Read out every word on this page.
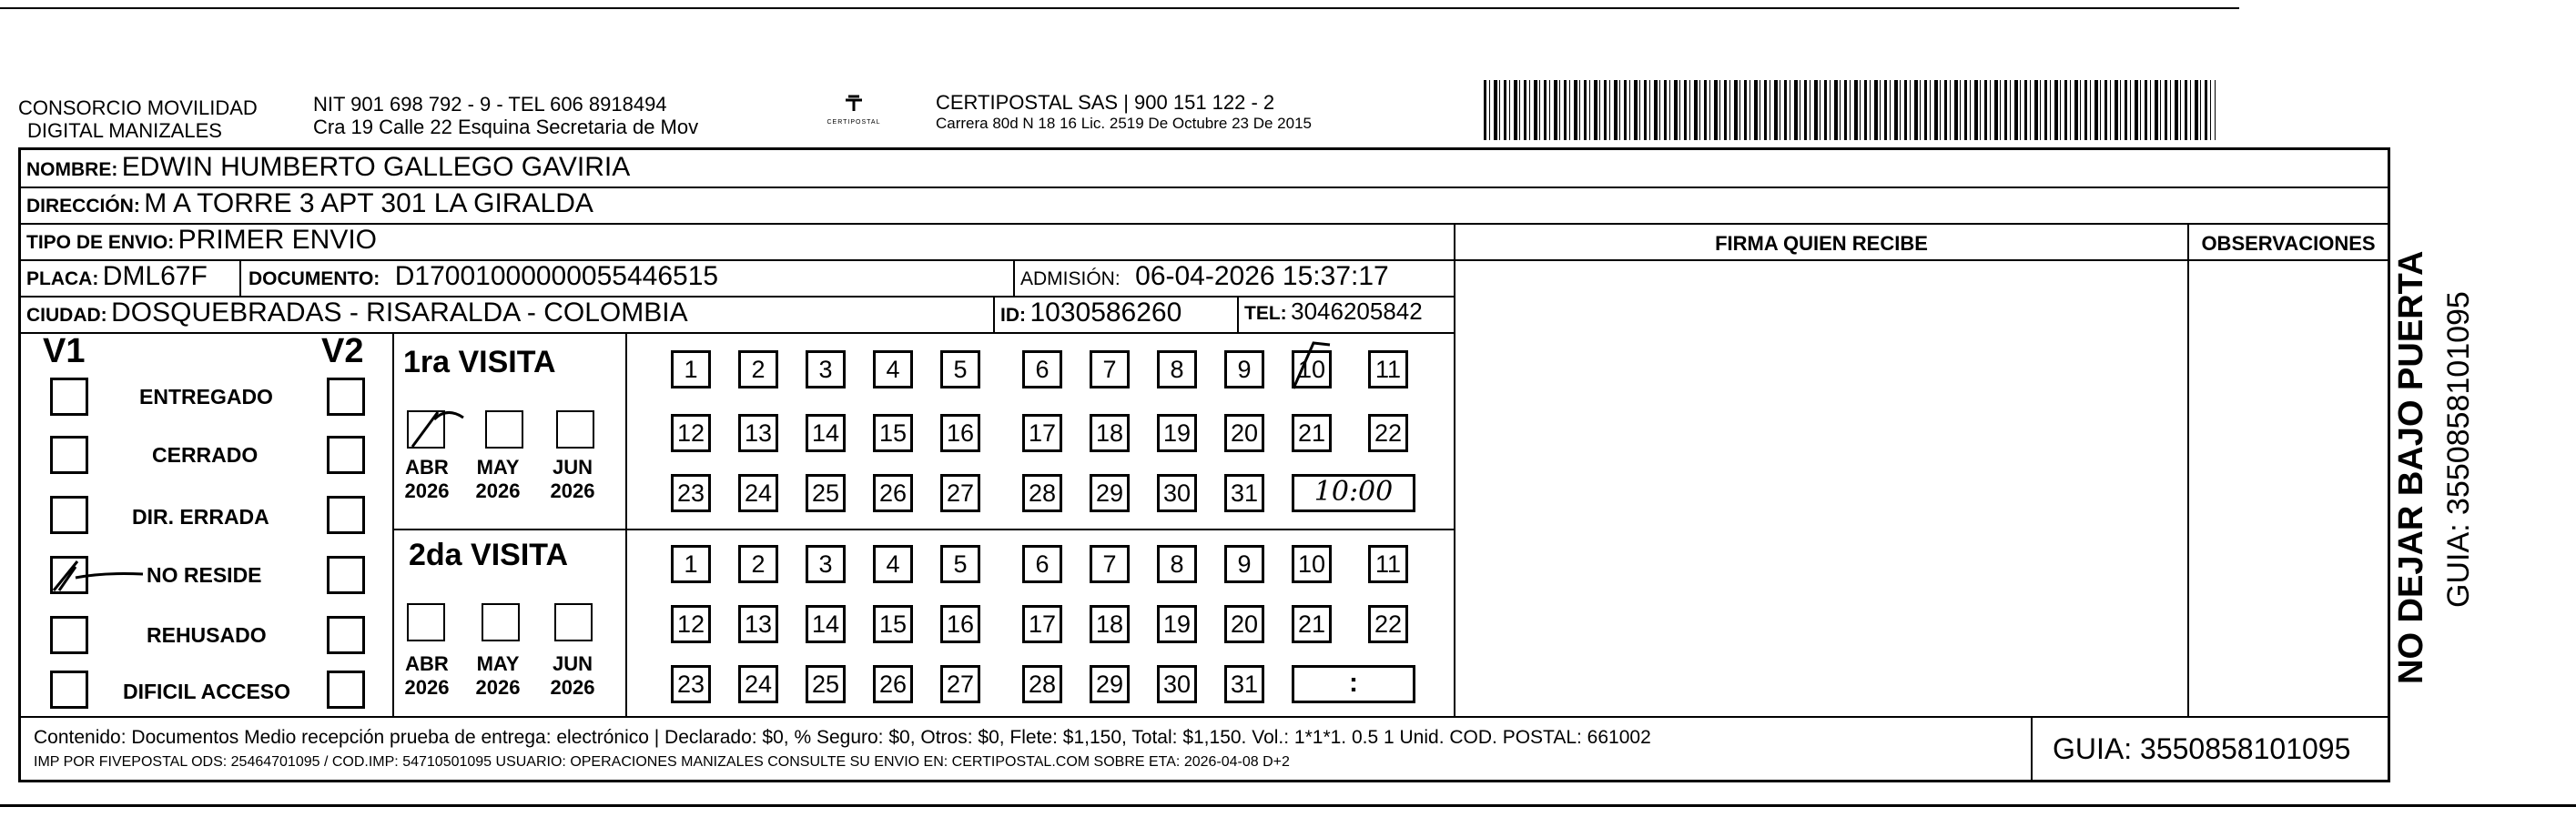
CONSORCIO MOVILIDAD
DIGITAL MANIZALES
NIT 901 698 792 - 9 - TEL 606 8918494
Cra 19 Calle 22 Esquina Secretaria de Mov	CERTIPOSTAL
CERTIPOSTAL SAS | 900 151 122 - 2
Carrera 80d N 18 16 Lic. 2519 De Octubre 23 De 2015
NOMBRE: EDWIN HUMBERTO GALLEGO GAVIRIA
DIRECCIÓN: M A TORRE 3 APT 301 LA GIRALDA
TIPO DE ENVIO: PRIMER ENVIO	FIRMA QUIEN RECIBE	OBSERVACIONES
PLACA: DML67F DOCUMENTO: D17001000000055446515	ADMISIÓN: 06-04-2026 15:37:17
CIUDAD: DOSQUEBRADAS - RISARALDA - COLOMBIA	ID: 1030586260	TEL: 3046205842
V1	V2
ENTREGADO
CERRADO
DIR. ERRADA
NO RESIDE
REHUSADO
DIFICIL ACCESO
1ra VISITA
ABR
2026
MAY
2026
JUN
2026
2da VISITA
ABR
2026
MAY
2026
JUN
2026
1	2	3	4	5	6	7	8	9	10 11
12 13 14 15 16 17 18 19 20 21 22
23 24 25 26 27 28 29 30 31	10:00
1	2	3	4	5	6	7	8	9	10 11
12 13 14 15 16 17 18 19 20 21 22
23 24 25 26 27 28 29 30 31	:
Contenido: Documentos Medio recepción prueba de entrega: electrónico | Declarado: $0, % Seguro: $0, Otros: $0, Flete: $1,150, Total: $1,150. Vol.: 1*1*1. 0.5 1 Unid. COD. POSTAL: 661002
IMP POR FIVEPOSTAL ODS: 25464701095 / COD.IMP: 54710501095 USUARIO: OPERACIONES MANIZALES CONSULTE SU ENVIO EN: CERTIPOSTAL.COM SOBRE ETA: 2026-04-08 D+2	GUIA: 3550858101095
NO DEJAR BAJO PUERTA GUIA: 3550858101095
